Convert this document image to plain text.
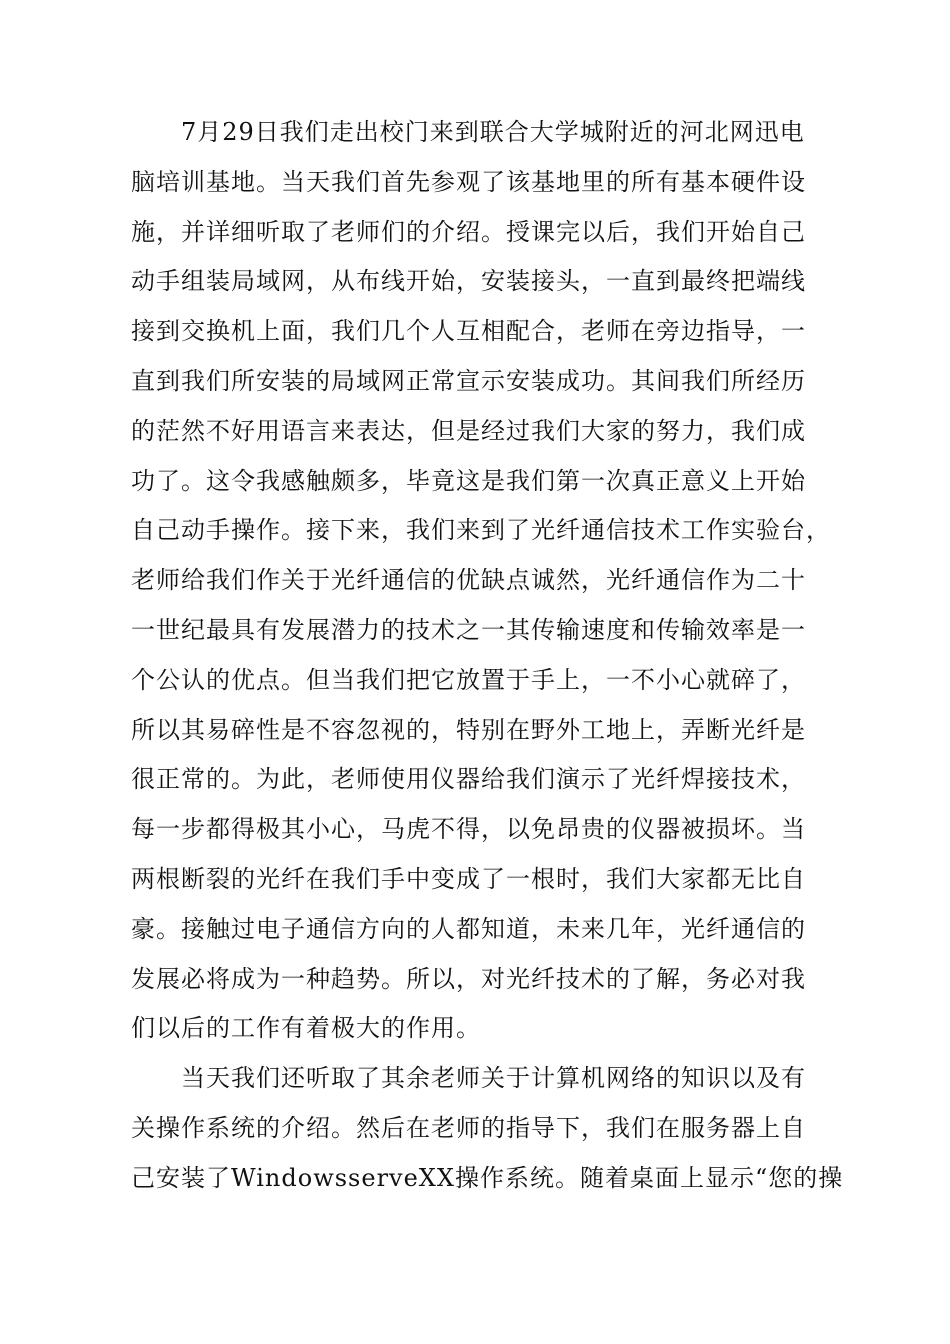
7月29日我们走出校门来到联合大学城附近的河北网迅电
脑培训基地。当天我们首先参观了该基地里的所有基本硬件设
施，并详细听取了老师们的介绍。授课完以后，我们开始自己
动手组装局域网，从布线开始，安装接头，一直到最终把端线
接到交换机上面，我们几个人互相配合，老师在旁边指导，一
直到我们所安装的局域网正常宣示安装成功。其间我们所经历
的茫然不好用语言来表达，但是经过我们大家的努力，我们成
功了。这令我感触颇多，毕竟这是我们第一次真正意义上开始
自己动手操作。接下来，我们来到了光纤通信技术工作实验台，
老师给我们作关于光纤通信的优缺点诚然，光纤通信作为二十
一世纪最具有发展潜力的技术之一其传输速度和传输效率是一
个公认的优点。但当我们把它放置于手上，一不小心就碎了，
所以其易碎性是不容忽视的，特别在野外工地上，弄断光纤是
很正常的。为此，老师使用仪器给我们演示了光纤焊接技术，
每一步都得极其小心，马虎不得，以免昂贵的仪器被损坏。当
两根断裂的光纤在我们手中变成了一根时，我们大家都无比自
豪。接触过电子通信方向的人都知道，未来几年，光纤通信的
发展必将成为一种趋势。所以，对光纤技术的了解，务必对我
们以后的工作有着极大的作用。

当天我们还听取了其余老师关于计算机网络的知识以及有
关操作系统的介绍。然后在老师的指导下，我们在服务器上自
己安装了WindowsserveXX操作系统。随着桌面上显示“您的操
